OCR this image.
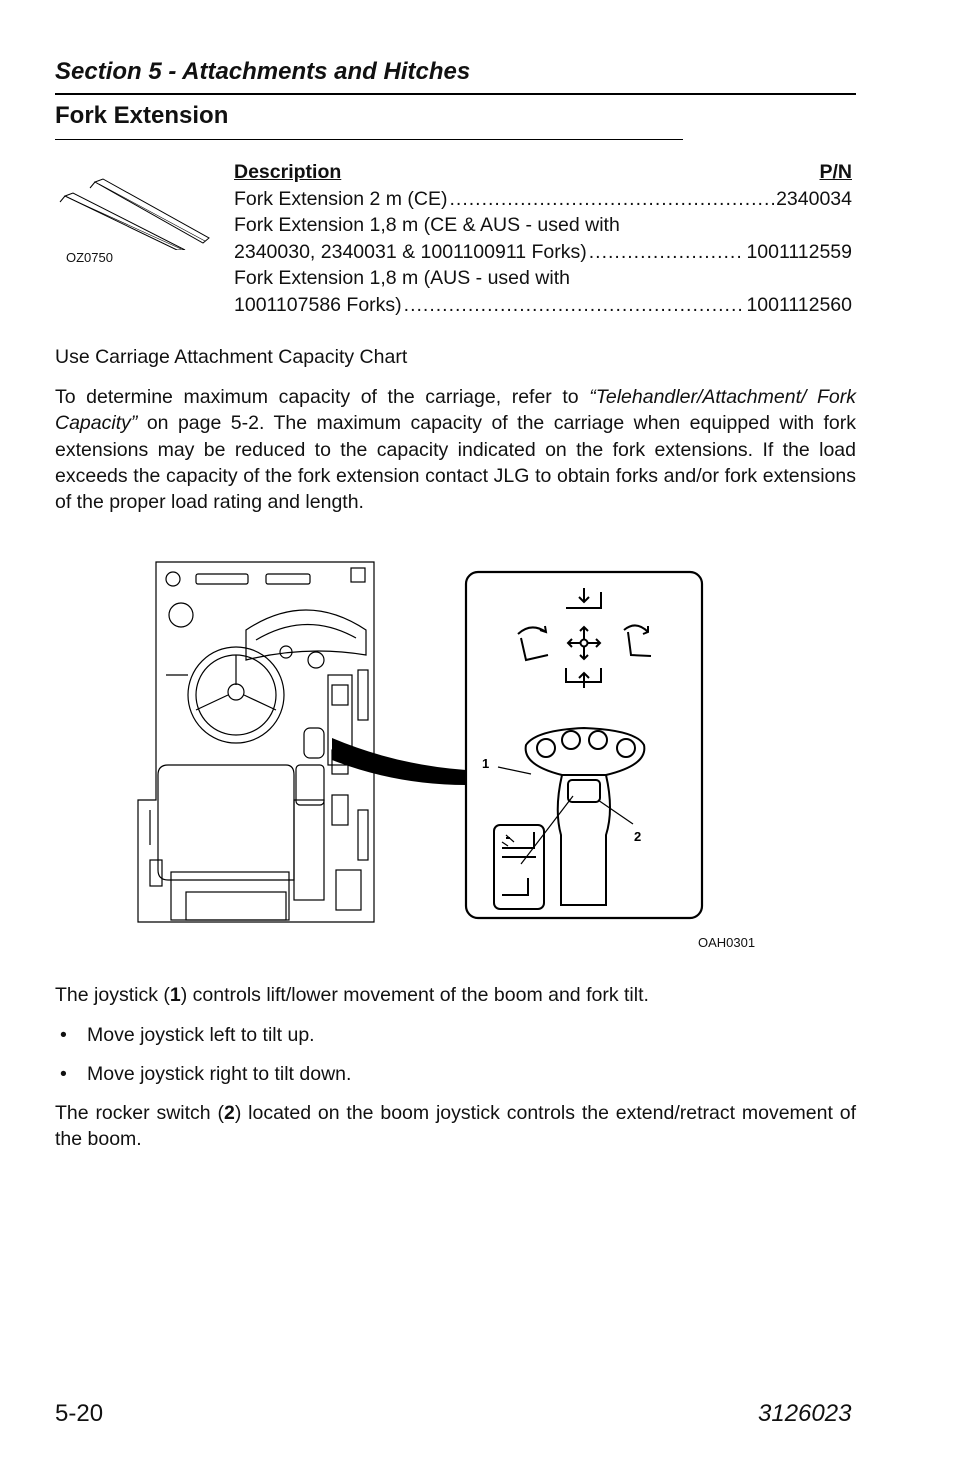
Section 5 - Attachments and Hitches
Fork Extension
OZ0750
Description	P/N
Fork Extension 2 m (CE) .....	2340034
Fork Extension 1,8 m (CE & AUS - used with
2340030, 2340031 & 1001100911 Forks) .....	1001112559
Fork Extension 1,8 m (AUS - used with
1001107586 Forks) .....	1001112560
Use Carriage Attachment Capacity Chart
To determine maximum capacity of the carriage, refer to “Telehandler/Attachment/ Fork Capacity” on page 5-2. The maximum capacity of the carriage when equipped with fork extensions may be reduced to the capacity indicated on the fork extensions. If the load exceeds the capacity of the fork extension contact JLG to obtain forks and/or fork extensions of the proper load rating and length.
1
2
OAH0301
The joystick (1) controls lift/lower movement of the boom and fork tilt.
•	Move joystick left to tilt up.
•	Move joystick right to tilt down.
The rocker switch (2) located on the boom joystick controls the extend/retract movement of the boom.
5-20	3126023
